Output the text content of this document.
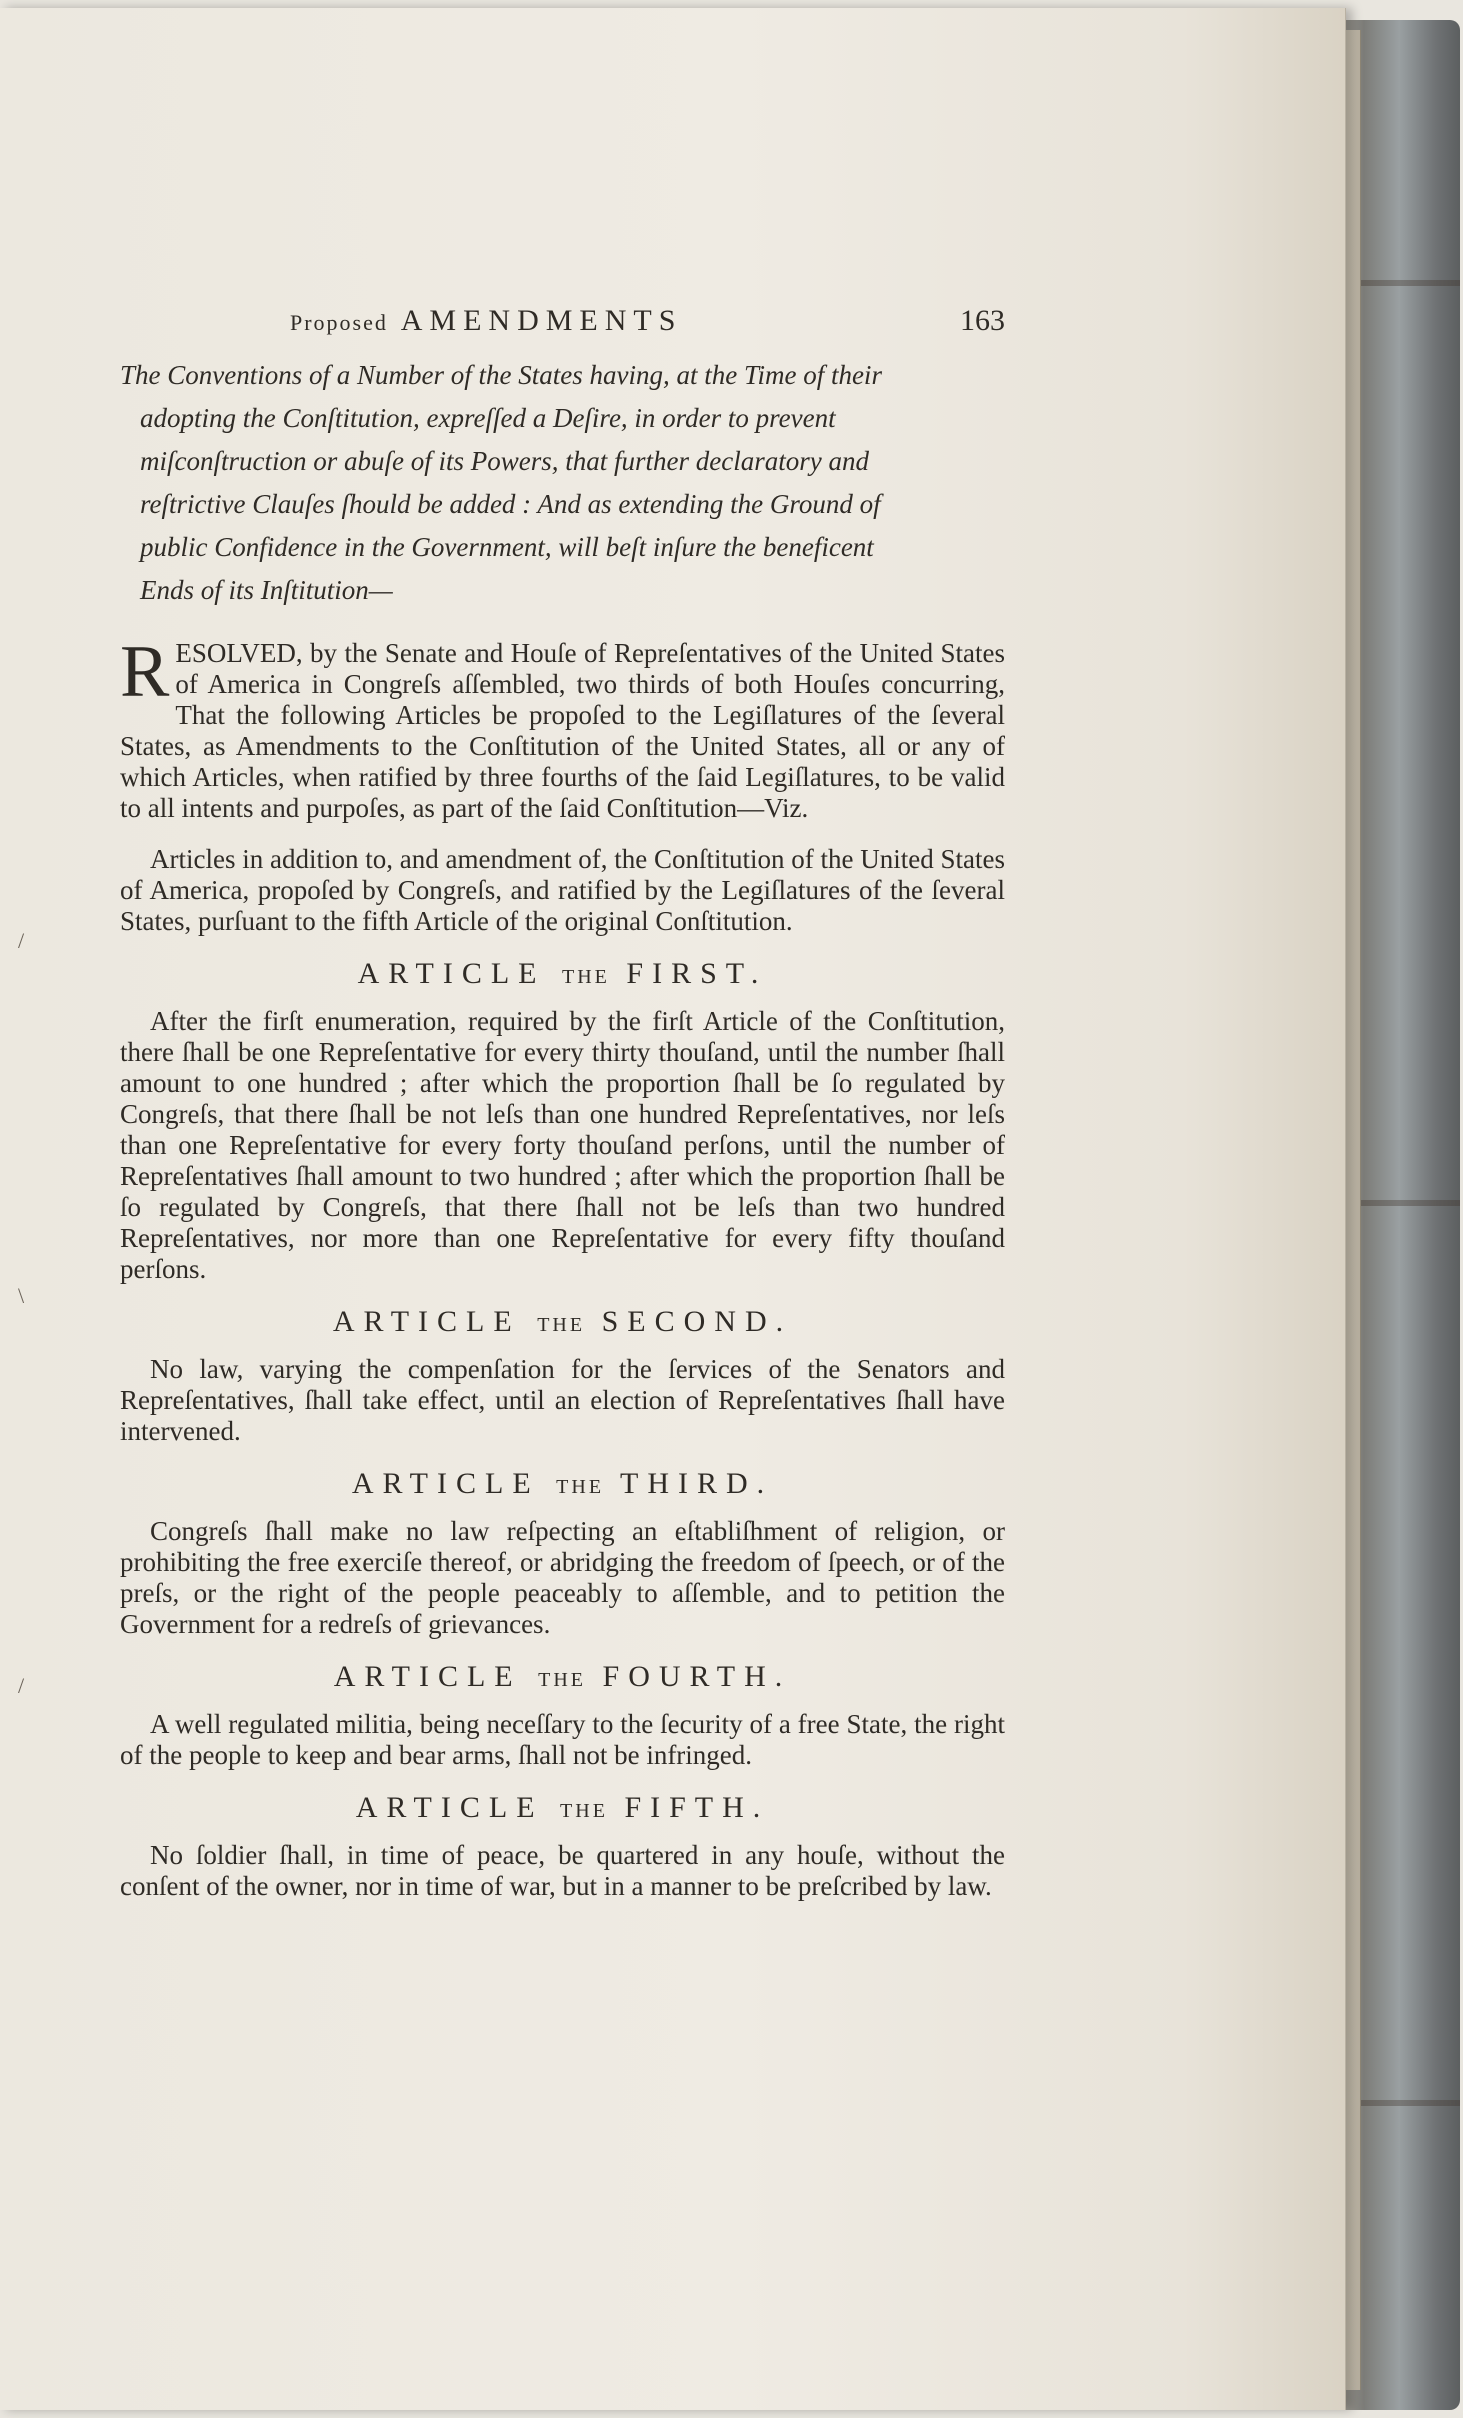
/
\
/
Proposed AMENDMENTS	163
The Conventions of a Number of the States having, at the Time of their
adopting the Conſtitution, expreſſed a Deſire, in order to prevent
miſconſtruction or abuſe of its Powers, that further declaratory and
reſtrictive Clauſes ſhould be added : And as extending the Ground of
public Confidence in the Government, will beſt inſure the beneficent
Ends of its Inſtitution—
R ESOLVED, by the Senate and Houſe of Repreſentatives of the United States of America in Congreſs aſſembled, two thirds of both Houſes concurring, That the following Articles be propoſed to the Legiſlatures of the ſeveral States, as Amendments to the Conſtitution of the United States, all or any of which Articles, when ratified by three fourths of the ſaid Legiſlatures, to be valid to all intents and purpoſes, as part of the ſaid Conſtitution—Viz.
Articles in addition to, and amendment of, the Conſtitution of the United States of America, propoſed by Congreſs, and ratified by the Legiſlatures of the ſeveral States, purſuant to the fifth Article of the original Conſtitution.
ARTICLE THE FIRST.
After the firſt enumeration, required by the firſt Article of the Conſtitution, there ſhall be one Repreſentative for every thirty thouſand, until the number ſhall amount to one hundred ; after which the proportion ſhall be ſo regulated by Congreſs, that there ſhall be not leſs than one hundred Repreſentatives, nor leſs than one Repreſentative for every forty thouſand perſons, until the number of Repreſentatives ſhall amount to two hundred ; after which the proportion ſhall be ſo regulated by Congreſs, that there ſhall not be leſs than two hundred Repreſentatives, nor more than one Repreſentative for every fifty thouſand perſons.
ARTICLE THE SECOND.
No law, varying the compenſation for the ſervices of the Senators and Repreſentatives, ſhall take effect, until an election of Repreſentatives ſhall have intervened.
ARTICLE THE THIRD.
Congreſs ſhall make no law reſpecting an eſtabliſhment of religion, or prohibiting the free exerciſe thereof, or abridging the freedom of ſpeech, or of the preſs, or the right of the people peaceably to aſſemble, and to petition the Government for a redreſs of grievances.
ARTICLE THE FOURTH.
A well regulated militia, being neceſſary to the ſecurity of a free State, the right of the people to keep and bear arms, ſhall not be infringed.
ARTICLE THE FIFTH.
No ſoldier ſhall, in time of peace, be quartered in any houſe, without the conſent of the owner, nor in time of war, but in a manner to be preſcribed by law.
